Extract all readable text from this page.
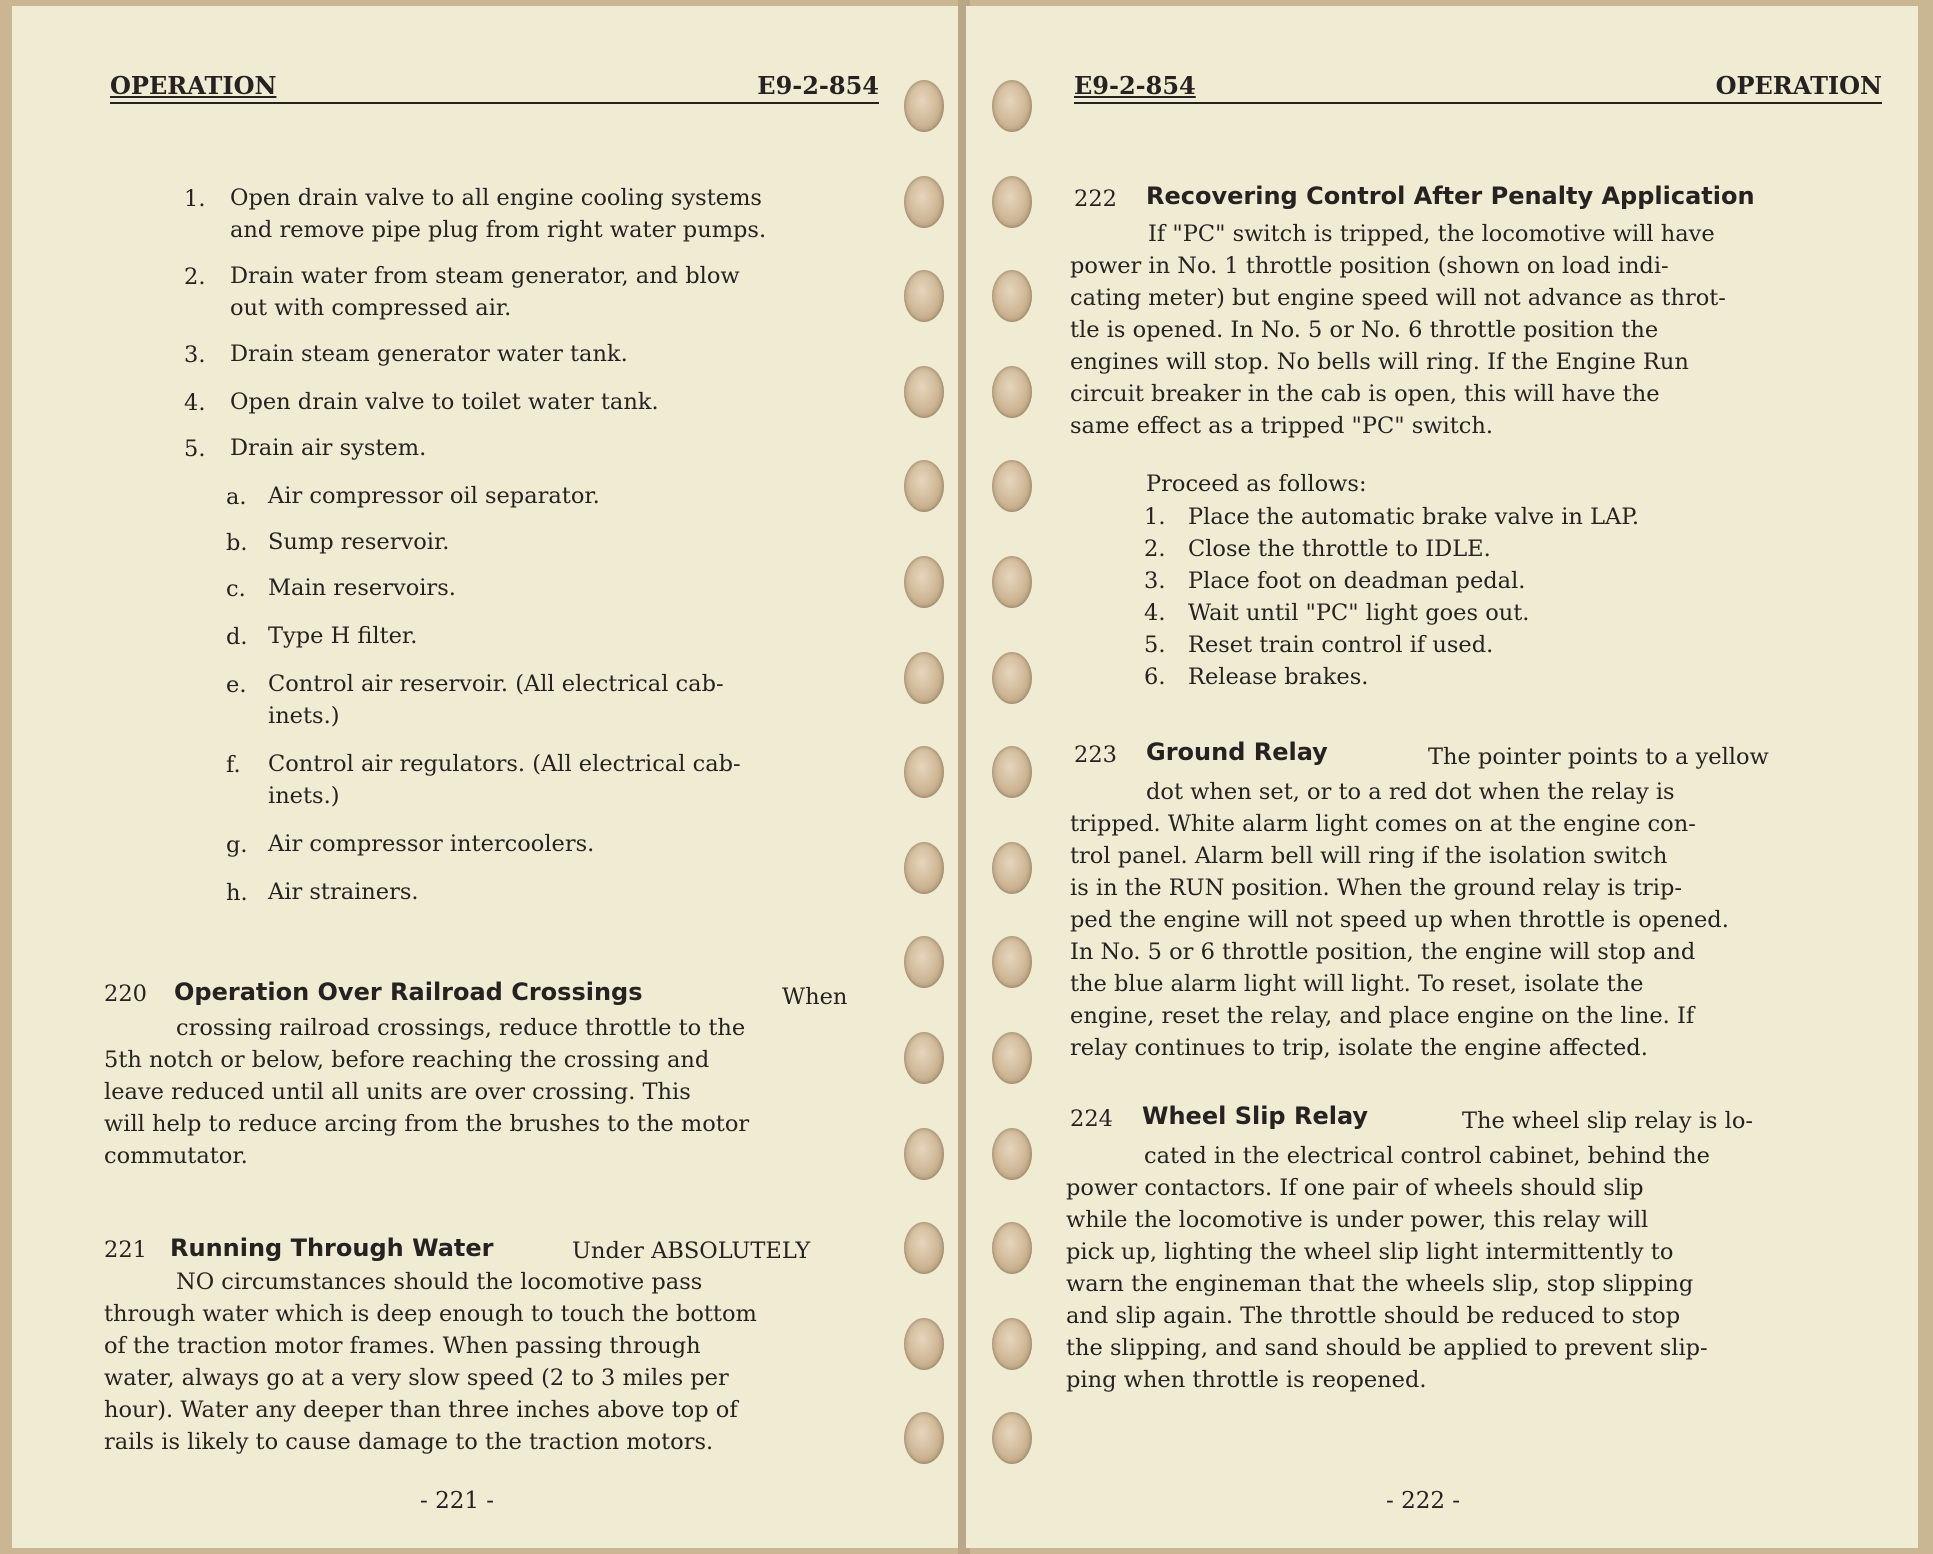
OPERATION	E9-2-854
1. Open drain valve to all engine cooling systems
and remove pipe plug from right water pumps.
2. Drain water from steam generator, and blow
out with compressed air.
3. Drain steam generator water tank.
4. Open drain valve to toilet water tank.
5. Drain air system.
a. Air compressor oil separator.
b. Sump reservoir.
c. Main reservoirs.
d. Type H filter.
e. Control air reservoir. (All electrical cab-
inets.)
f. Control air regulators. (All electrical cab-
inets.)
g. Air compressor intercoolers.
h. Air strainers.
220 Operation Over Railroad Crossings	When
crossing railroad crossings, reduce throttle to the
5th notch or below, before reaching the crossing and
leave reduced until all units are over crossing. This
will help to reduce arcing from the brushes to the motor
commutator.
221 Running Through Water	Under ABSOLUTELY
NO circumstances should the locomotive pass
through water which is deep enough to touch the bottom
of the traction motor frames. When passing through
water, always go at a very slow speed (2 to 3 miles per
hour). Water any deeper than three inches above top of
rails is likely to cause damage to the traction motors.
- 221 -
E9-2-854	OPERATION
222 Recovering Control After Penalty Application
If "PC" switch is tripped, the locomotive will have
power in No. 1 throttle position (shown on load indi-
cating meter) but engine speed will not advance as throt-
tle is opened. In No. 5 or No. 6 throttle position the
engines will stop. No bells will ring. If the Engine Run
circuit breaker in the cab is open, this will have the
same effect as a tripped "PC" switch.
Proceed as follows:
1. Place the automatic brake valve in LAP.
2. Close the throttle to IDLE.
3. Place foot on deadman pedal.
4. Wait until "PC" light goes out.
5. Reset train control if used.
6. Release brakes.
223 Ground Relay	The pointer points to a yellow
dot when set, or to a red dot when the relay is
tripped. White alarm light comes on at the engine con-
trol panel. Alarm bell will ring if the isolation switch
is in the RUN position. When the ground relay is trip-
ped the engine will not speed up when throttle is opened.
In No. 5 or 6 throttle position, the engine will stop and
the blue alarm light will light. To reset, isolate the
engine, reset the relay, and place engine on the line. If
relay continues to trip, isolate the engine affected.
224 Wheel Slip Relay	The wheel slip relay is lo-
cated in the electrical control cabinet, behind the
power contactors. If one pair of wheels should slip
while the locomotive is under power, this relay will
pick up, lighting the wheel slip light intermittently to
warn the engineman that the wheels slip, stop slipping
and slip again. The throttle should be reduced to stop
the slipping, and sand should be applied to prevent slip-
ping when throttle is reopened.
- 222 -
